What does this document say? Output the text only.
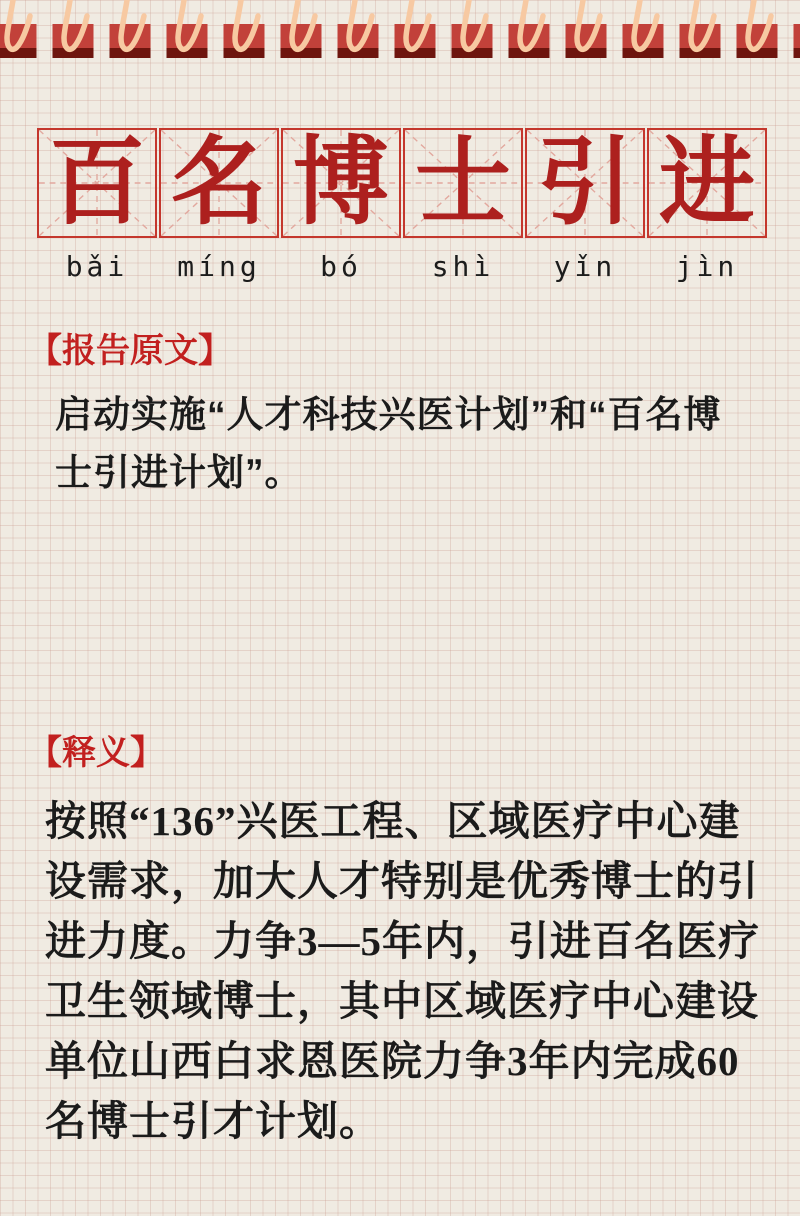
百 名 博 士 引 进
bǎi	míng	bó	shì	yǐn	jìn
【报告原文】

启动实施“人才科技兴医计划”和“百名博士引进计划”。

【释义】

按照“136”兴医工程、区域医疗中心建设需求，加大人才特别是优秀博士的引进力度。力争3—5年内，引进百名医疗卫生领域博士，其中区域医疗中心建设单位山西白求恩医院力争3年内完成60名博士引才计划。
